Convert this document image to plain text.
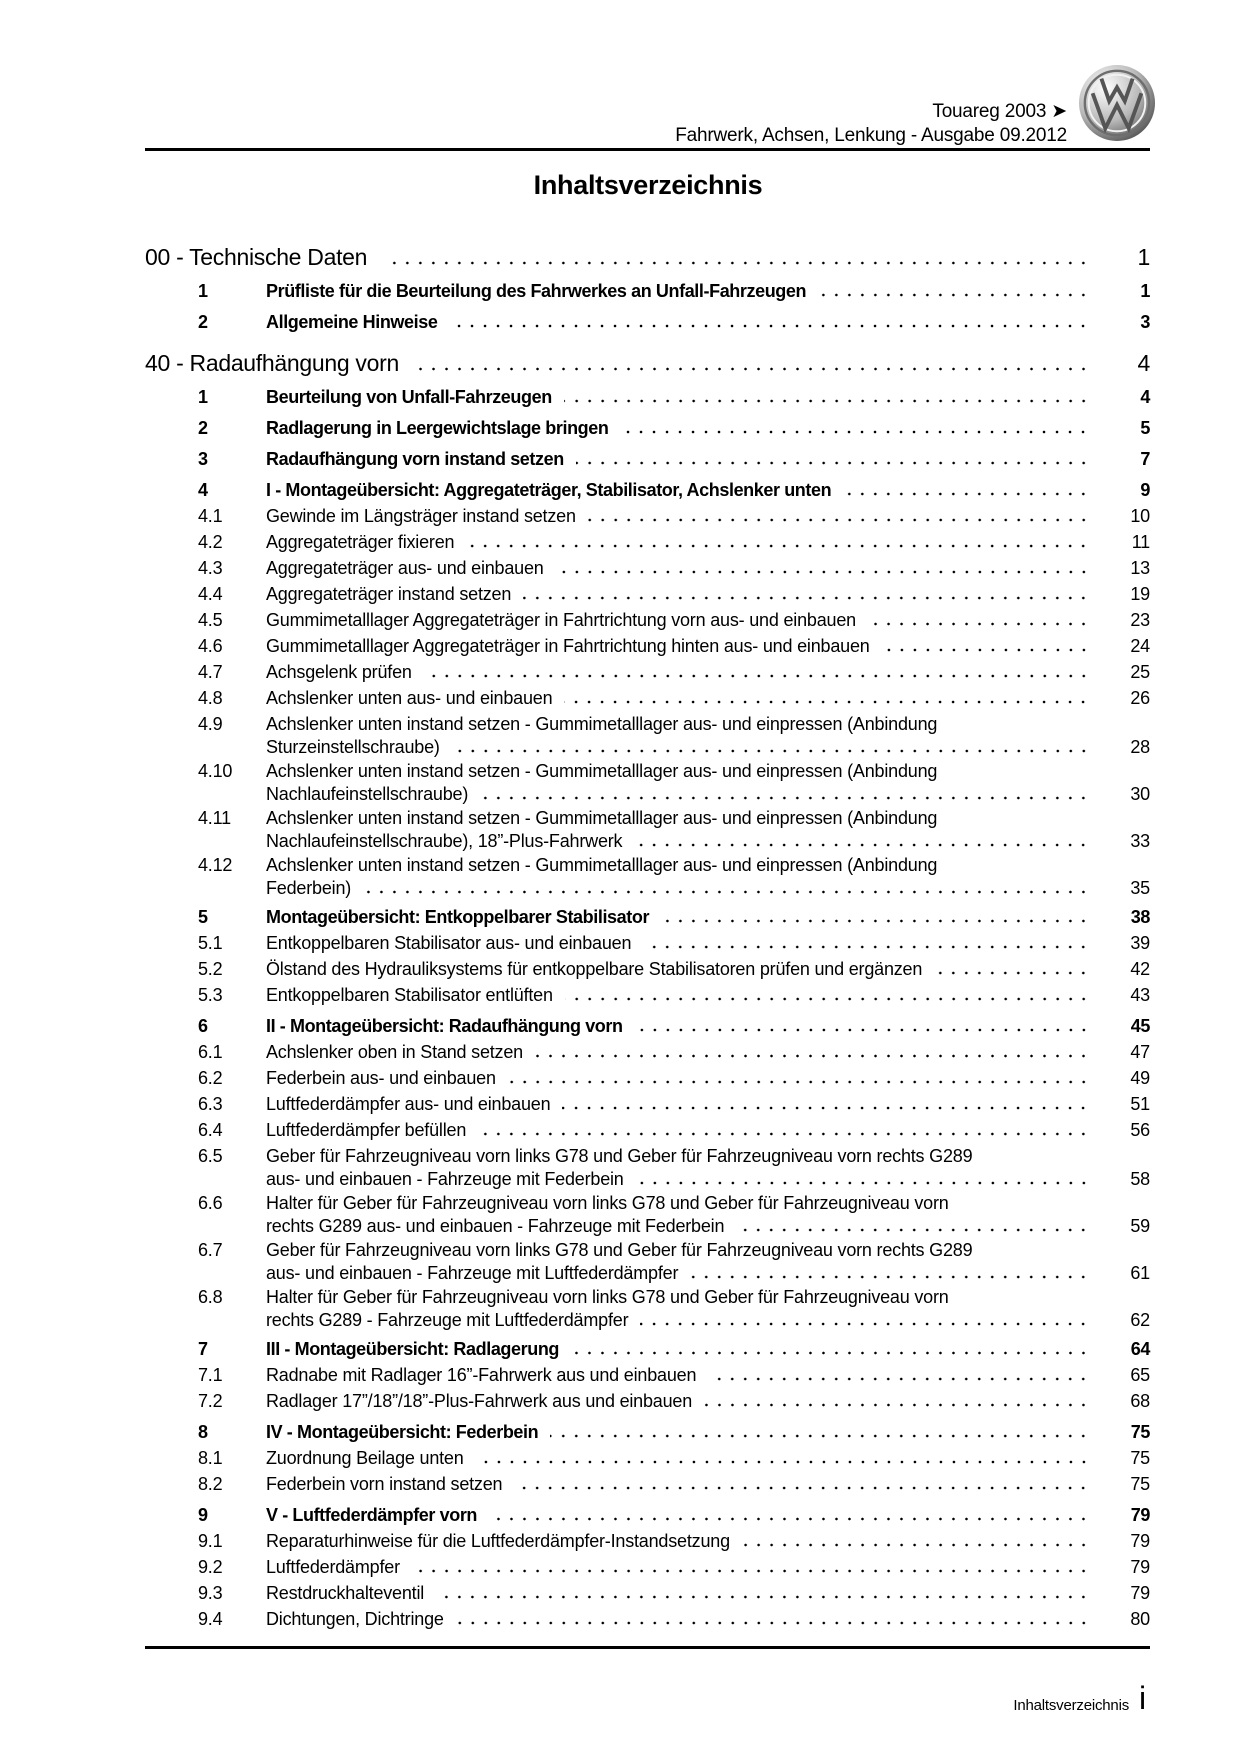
Touareg 2003 ➤
Fahrwerk, Achsen, Lenkung - Ausgabe 09.2012
Inhaltsverzeichnis
00 - Technische Daten	1
1	Prüfliste für die Beurteilung des Fahrwerkes an Unfall-Fahrzeugen	1
2	Allgemeine Hinweise	3
40 - Radaufhängung vorn	4
1	Beurteilung von Unfall-Fahrzeugen	4
2	Radlagerung in Leergewichtslage bringen	5
3	Radaufhängung vorn instand setzen	7
4	I - Montageübersicht: Aggregateträger, Stabilisator, Achslenker unten	9
4.1	Gewinde im Längsträger instand setzen	10
4.2	Aggregateträger fixieren	11
4.3	Aggregateträger aus- und einbauen	13
4.4	Aggregateträger instand setzen	19
4.5	Gummimetalllager Aggregateträger in Fahrtrichtung vorn aus- und einbauen	23
4.6	Gummimetalllager Aggregateträger in Fahrtrichtung hinten aus- und einbauen	24
4.7	Achsgelenk prüfen	25
4.8	Achslenker unten aus- und einbauen	26
4.9	Achslenker unten instand setzen - Gummimetalllager aus- und einpressen (Anbindung
Sturzeinstellschraube)	28
4.10	Achslenker unten instand setzen - Gummimetalllager aus- und einpressen (Anbindung
Nachlaufeinstellschraube)	30
4.11	Achslenker unten instand setzen - Gummimetalllager aus- und einpressen (Anbindung
Nachlaufeinstellschraube), 18”-Plus-Fahrwerk	33
4.12	Achslenker unten instand setzen - Gummimetalllager aus- und einpressen (Anbindung
Federbein)	35
5	Montageübersicht: Entkoppelbarer Stabilisator	38
5.1	Entkoppelbaren Stabilisator aus- und einbauen	39
5.2	Ölstand des Hydrauliksystems für entkoppelbare Stabilisatoren prüfen und ergänzen	42
5.3	Entkoppelbaren Stabilisator entlüften	43
6	II - Montageübersicht: Radaufhängung vorn	45
6.1	Achslenker oben in Stand setzen	47
6.2	Federbein aus- und einbauen	49
6.3	Luftfederdämpfer aus- und einbauen	51
6.4	Luftfederdämpfer befüllen	56
6.5	Geber für Fahrzeugniveau vorn links G78 und Geber für Fahrzeugniveau vorn rechts G289
aus- und einbauen - Fahrzeuge mit Federbein	58
6.6	Halter für Geber für Fahrzeugniveau vorn links G78 und Geber für Fahrzeugniveau vorn
rechts G289 aus- und einbauen - Fahrzeuge mit Federbein	59
6.7	Geber für Fahrzeugniveau vorn links G78 und Geber für Fahrzeugniveau vorn rechts G289
aus- und einbauen - Fahrzeuge mit Luftfederdämpfer	61
6.8	Halter für Geber für Fahrzeugniveau vorn links G78 und Geber für Fahrzeugniveau vorn
rechts G289 - Fahrzeuge mit Luftfederdämpfer	62
7	III - Montageübersicht: Radlagerung	64
7.1	Radnabe mit Radlager 16”-Fahrwerk aus und einbauen	65
7.2	Radlager 17”/18”/18”-Plus-Fahrwerk aus und einbauen	68
8	IV - Montageübersicht: Federbein	75
8.1	Zuordnung Beilage unten	75
8.2	Federbein vorn instand setzen	75
9	V - Luftfederdämpfer vorn	79
9.1	Reparaturhinweise für die Luftfederdämpfer-Instandsetzung	79
9.2	Luftfederdämpfer	79
9.3	Restdruckhalteventil	79
9.4	Dichtungen, Dichtringe	80
Inhaltsverzeichnis i
